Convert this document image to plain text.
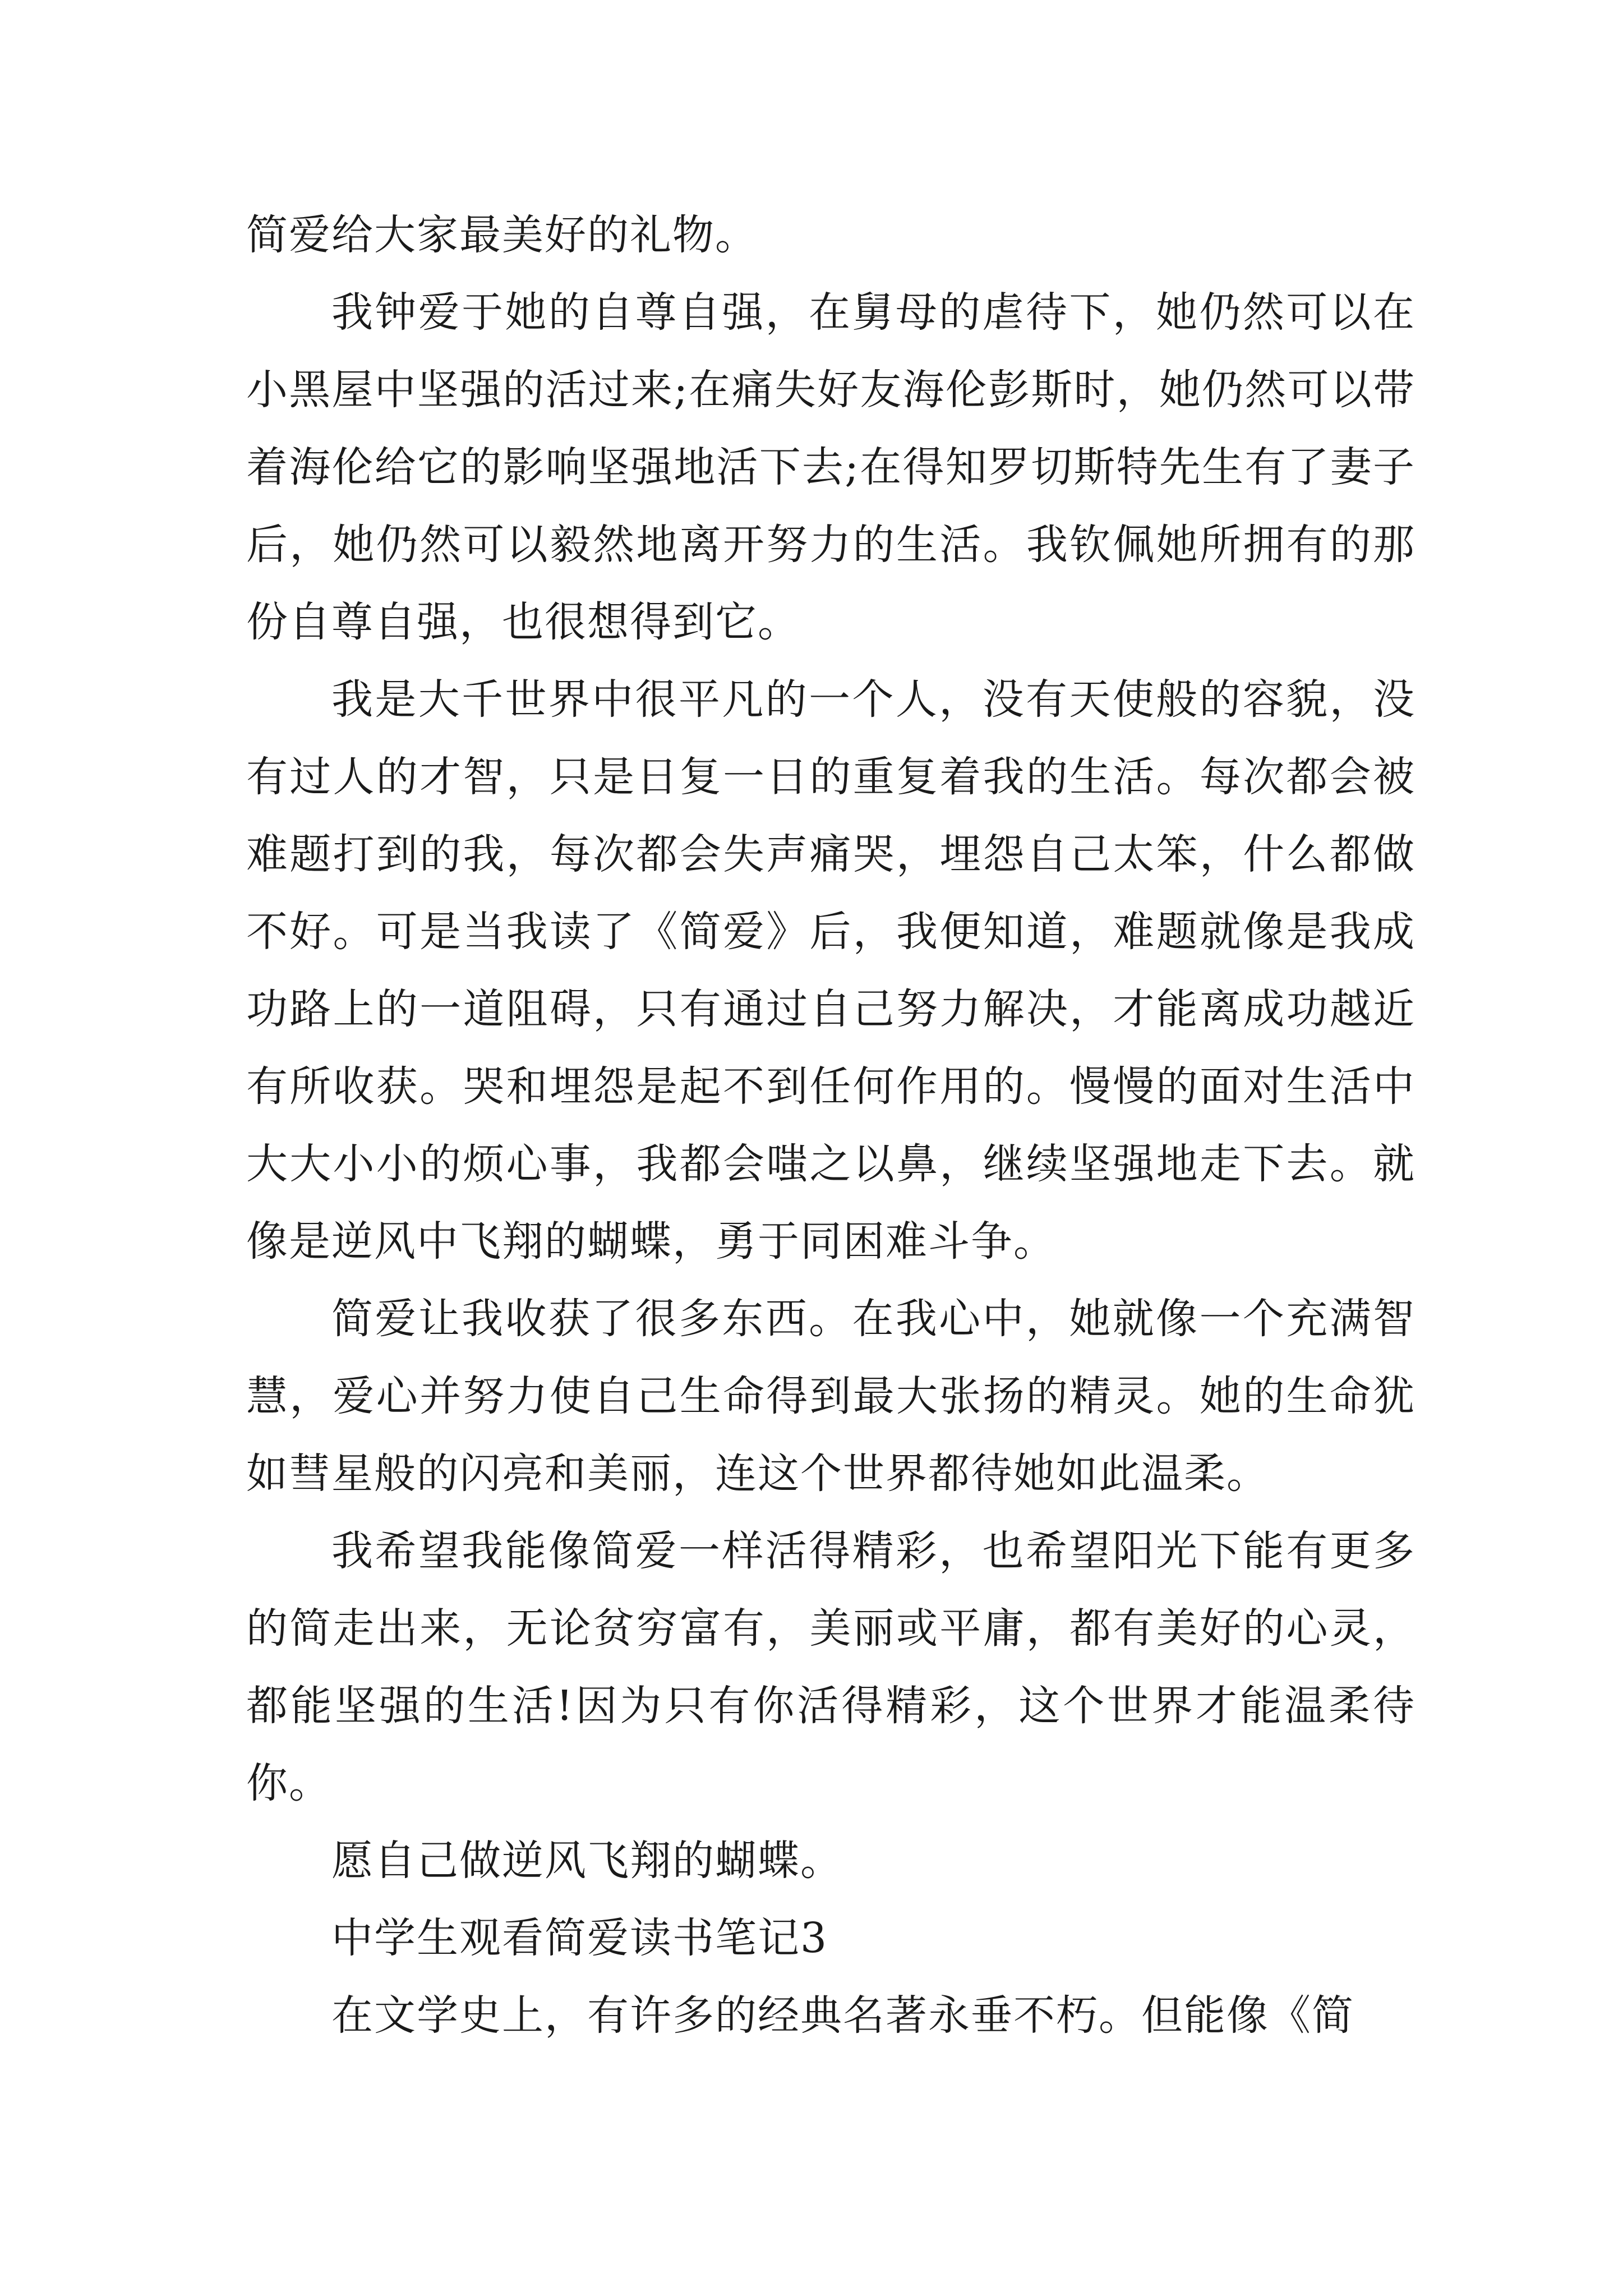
简爱给大家最美好的礼物。

我钟爱于她的自尊自强，在舅母的虐待下，她仍然可以在小黑屋中坚强的活过来;在痛失好友海伦彭斯时，她仍然可以带着海伦给它的影响坚强地活下去;在得知罗切斯特先生有了妻子后，她仍然可以毅然地离开努力的生活。我钦佩她所拥有的那份自尊自强，也很想得到它。

我是大千世界中很平凡的一个人，没有天使般的容貌，没有过人的才智，只是日复一日的重复着我的生活。每次都会被难题打到的我，每次都会失声痛哭，埋怨自己太笨，什么都做不好。可是当我读了《简爱》后，我便知道，难题就像是我成功路上的一道阻碍，只有通过自己努力解决，才能离成功越近有所收获。哭和埋怨是起不到任何作用的。慢慢的面对生活中大大小小的烦心事，我都会嗤之以鼻，继续坚强地走下去。就像是逆风中飞翔的蝴蝶，勇于同困难斗争。

简爱让我收获了很多东西。在我心中，她就像一个充满智慧，爱心并努力使自己生命得到最大张扬的精灵。她的生命犹如彗星般的闪亮和美丽，连这个世界都待她如此温柔。

我希望我能像简爱一样活得精彩，也希望阳光下能有更多的简走出来，无论贫穷富有，美丽或平庸，都有美好的心灵，都能坚强的生活!因为只有你活得精彩，这个世界才能温柔待你。

愿自己做逆风飞翔的蝴蝶。

中学生观看简爱读书笔记3

在文学史上，有许多的经典名著永垂不朽。但能像《简
